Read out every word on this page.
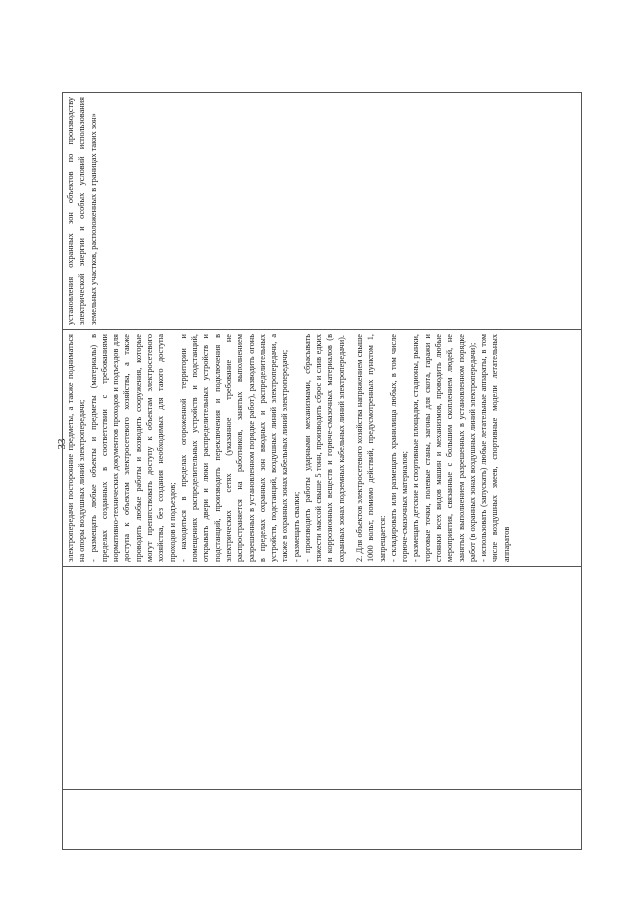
33

электропередачи посторонние предметы, а также подниматься на опоры воздушных линий электропередачи; - размещать любые объекты и предметы (материалы) в пределах созданных в соответствии с требованиями нормативно-технических документов проходов и подъездов для доступа к объектам электросетевого хозяйства, а также проводить любые работы и возводить сооружения, которые могут препятствовать доступу к объектам электросетевого хозяйства, без создания необходимых для такого доступа проходов и подъездов; - находиться в пределах огороженной территории и помещениях распределительных устройств и подстанций, открывать двери и люки распределительных устройств и подстанций, производить переключения и подключения в электрических сетях (указанное требование не распространяется на работников, занятых выполнением разрешенных в установленном порядке работ), разводить огонь в пределах охранных зон вводных и распределительных устройств, подстанций, воздушных линий электропередачи, а также в охранных зонах кабельных линий электропередачи; - размещать свалки; - производить работы ударными механизмами, сбрасывать тяжести массой свыше 5 тонн, производить сброс и слив едких и коррозионных веществ и горюче-смазочных материалов (в охранных зонах подземных кабельных линий электропередачи). 2. Для объектов электросетевого хозяйства напряжением свыше 1000 вольт, помимо действий, предусмотренных пунктом 1, запрещается: - складировать или размещать хранилища любых, в том числе горюче-смазочных материалов; - размещать детские и спортивные площадки, стадионы, рынки, торговые точки, полевые станы, загоны для скота, гаражи и стоянки всех видов машин и механизмов, проводить любые мероприятия, связанные с большим скоплением людей, не занятых выполнением разрешенных в установленном порядке работ (в охранных зонах воздушных линий электропередачи); - использовать (запускать) любые летательные аппараты, в том числе воздушных змеев, спортивные модели летательных аппаратов

	установления охранных зон объектов по производству электрической энергии и особых условий использования земельных участков, расположенных в границах таких зон»
